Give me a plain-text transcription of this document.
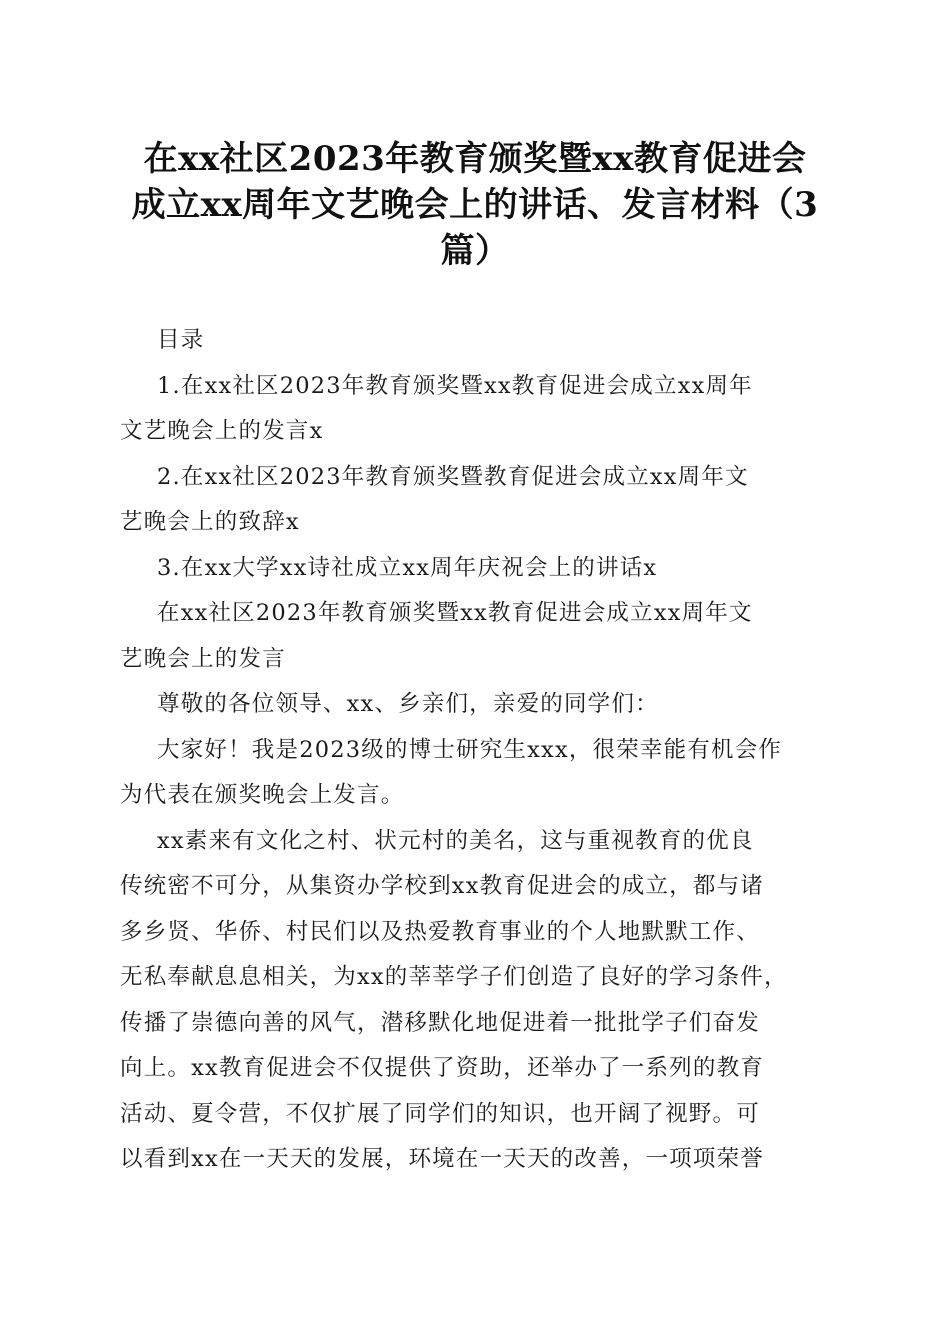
在xx社区2023年教育颁奖暨xx教育促进会
成立xx周年文艺晚会上的讲话、发言材料（3
篇）

目录

1.在xx社区2023年教育颁奖暨xx教育促进会成立xx周年
文艺晚会上的发言x

2.在xx社区2023年教育颁奖暨教育促进会成立xx周年文
艺晚会上的致辞x

3.在xx大学xx诗社成立xx周年庆祝会上的讲话x

在xx社区2023年教育颁奖暨xx教育促进会成立xx周年文
艺晚会上的发言

尊敬的各位领导、xx、乡亲们，亲爱的同学们：

大家好！我是2023级的博士研究生xxx，很荣幸能有机会作
为代表在颁奖晚会上发言。

xx素来有文化之村、状元村的美名，这与重视教育的优良
传统密不可分，从集资办学校到xx教育促进会的成立，都与诸
多乡贤、华侨、村民们以及热爱教育事业的个人地默默工作、
无私奉献息息相关，为xx的莘莘学子们创造了良好的学习条件，
传播了崇德向善的风气，潜移默化地促进着一批批学子们奋发
向上。xx教育促进会不仅提供了资助，还举办了一系列的教育
活动、夏令营，不仅扩展了同学们的知识，也开阔了视野。可
以看到xx在一天天的发展，环境在一天天的改善，一项项荣誉
